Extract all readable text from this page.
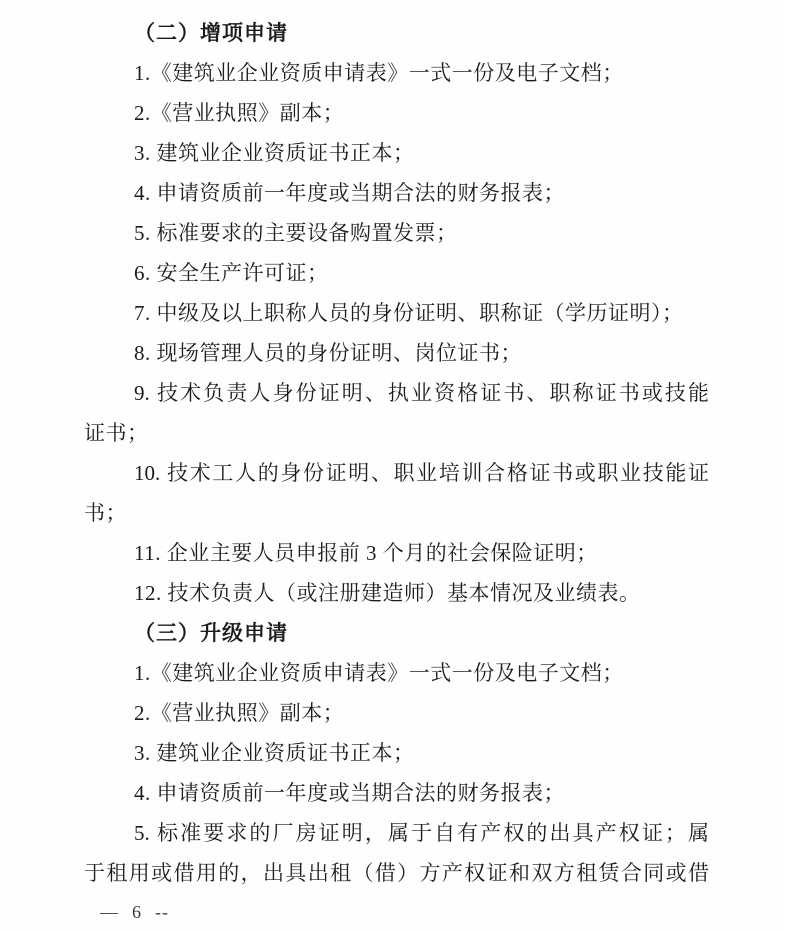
（二）增项申请

1.《建筑业企业资质申请表》一式一份及电子文档；

2.《营业执照》副本；

3. 建筑业企业资质证书正本；

4. 申请资质前一年度或当期合法的财务报表；

5. 标准要求的主要设备购置发票；

6. 安全生产许可证；

7. 中级及以上职称人员的身份证明、职称证（学历证明）；

8. 现场管理人员的身份证明、岗位证书；

9. 技术负责人身份证明、执业资格证书、职称证书或技能

证书；

10. 技术工人的身份证明、职业培训合格证书或职业技能证

书；

11. 企业主要人员申报前 3 个月的社会保险证明；

12. 技术负责人（或注册建造师）基本情况及业绩表。

（三）升级申请

1.《建筑业企业资质申请表》一式一份及电子文档；

2.《营业执照》副本；

3. 建筑业企业资质证书正本；

4. 申请资质前一年度或当期合法的财务报表；

5. 标准要求的厂房证明，属于自有产权的出具产权证；属

于租用或借用的，出具出租（借）方产权证和双方租赁合同或借

— 6 --
